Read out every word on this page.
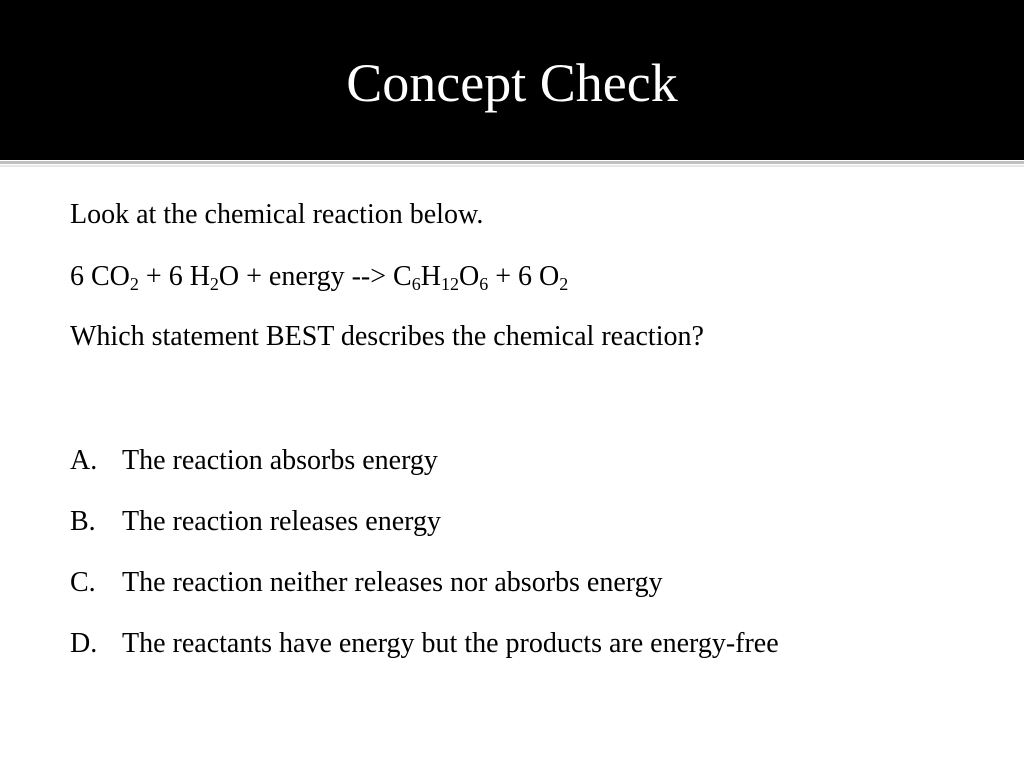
Concept Check
Look at the chemical reaction below.
6 $CO_2 + 6$ $H_2O$ + energy --> $C_6H_{12}O_6 + 6$ $O_2$
Which statement BEST describes the chemical reaction?
A. The reaction absorbs energy
B. The reaction releases energy
C. The reaction neither releases nor absorbs energy
D. The reactants have energy but the products are energy-free
